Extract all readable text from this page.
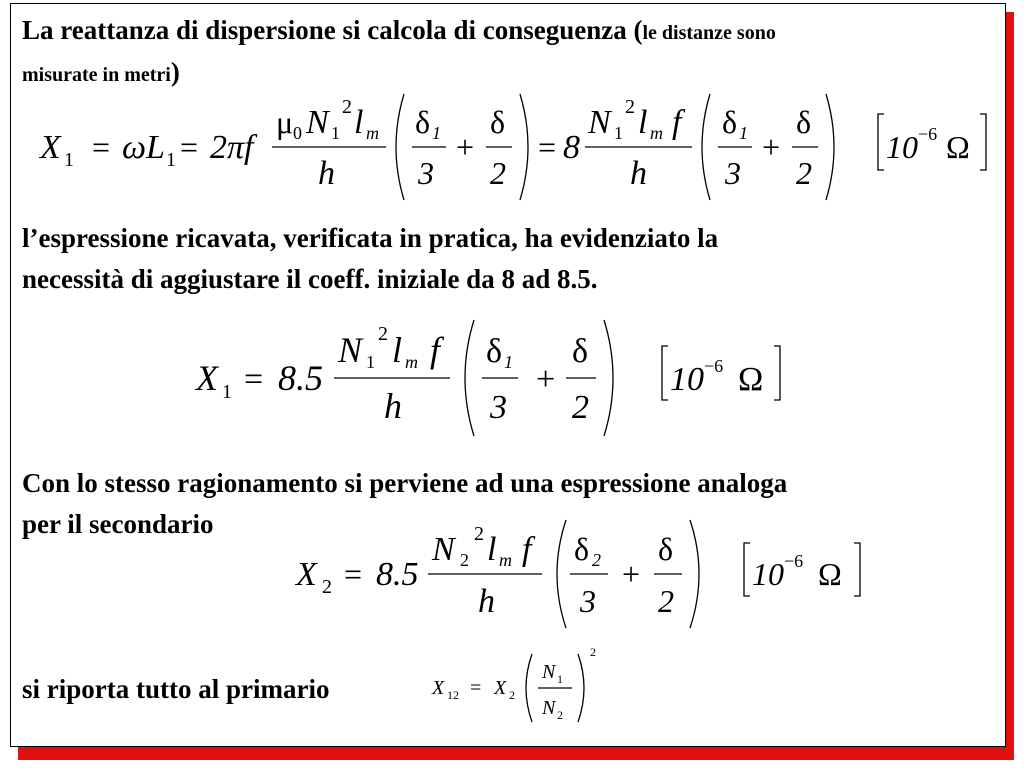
La reattanza di dispersione si calcola di conseguenza (le distanze sono
misurate in metri)
X 1 = ωL 1 = 2πf
μ 0 N 1
2 l m
h
δ 1
3
+
δ
2
= 8
N 1
2 l m f
h
δ 1
3
+
δ
2
10 −6 Ω
l’espressione ricavata, verificata in pratica, ha evidenziato la
necessità di aggiustare il coeff. iniziale da 8 ad 8.5.
X 1 = 8.5
N 1
2 l m f
h
δ 1
3
+
δ
2
10 −6 Ω
Con lo stesso ragionamento si perviene ad una espressione analoga
per il secondario
X 2 = 8.5
N 2
2 l m f
h
δ 2
3
+
δ
2
10 −6 Ω
si riporta tutto al primario	X 12 = X 2
N 1
N 2
2
